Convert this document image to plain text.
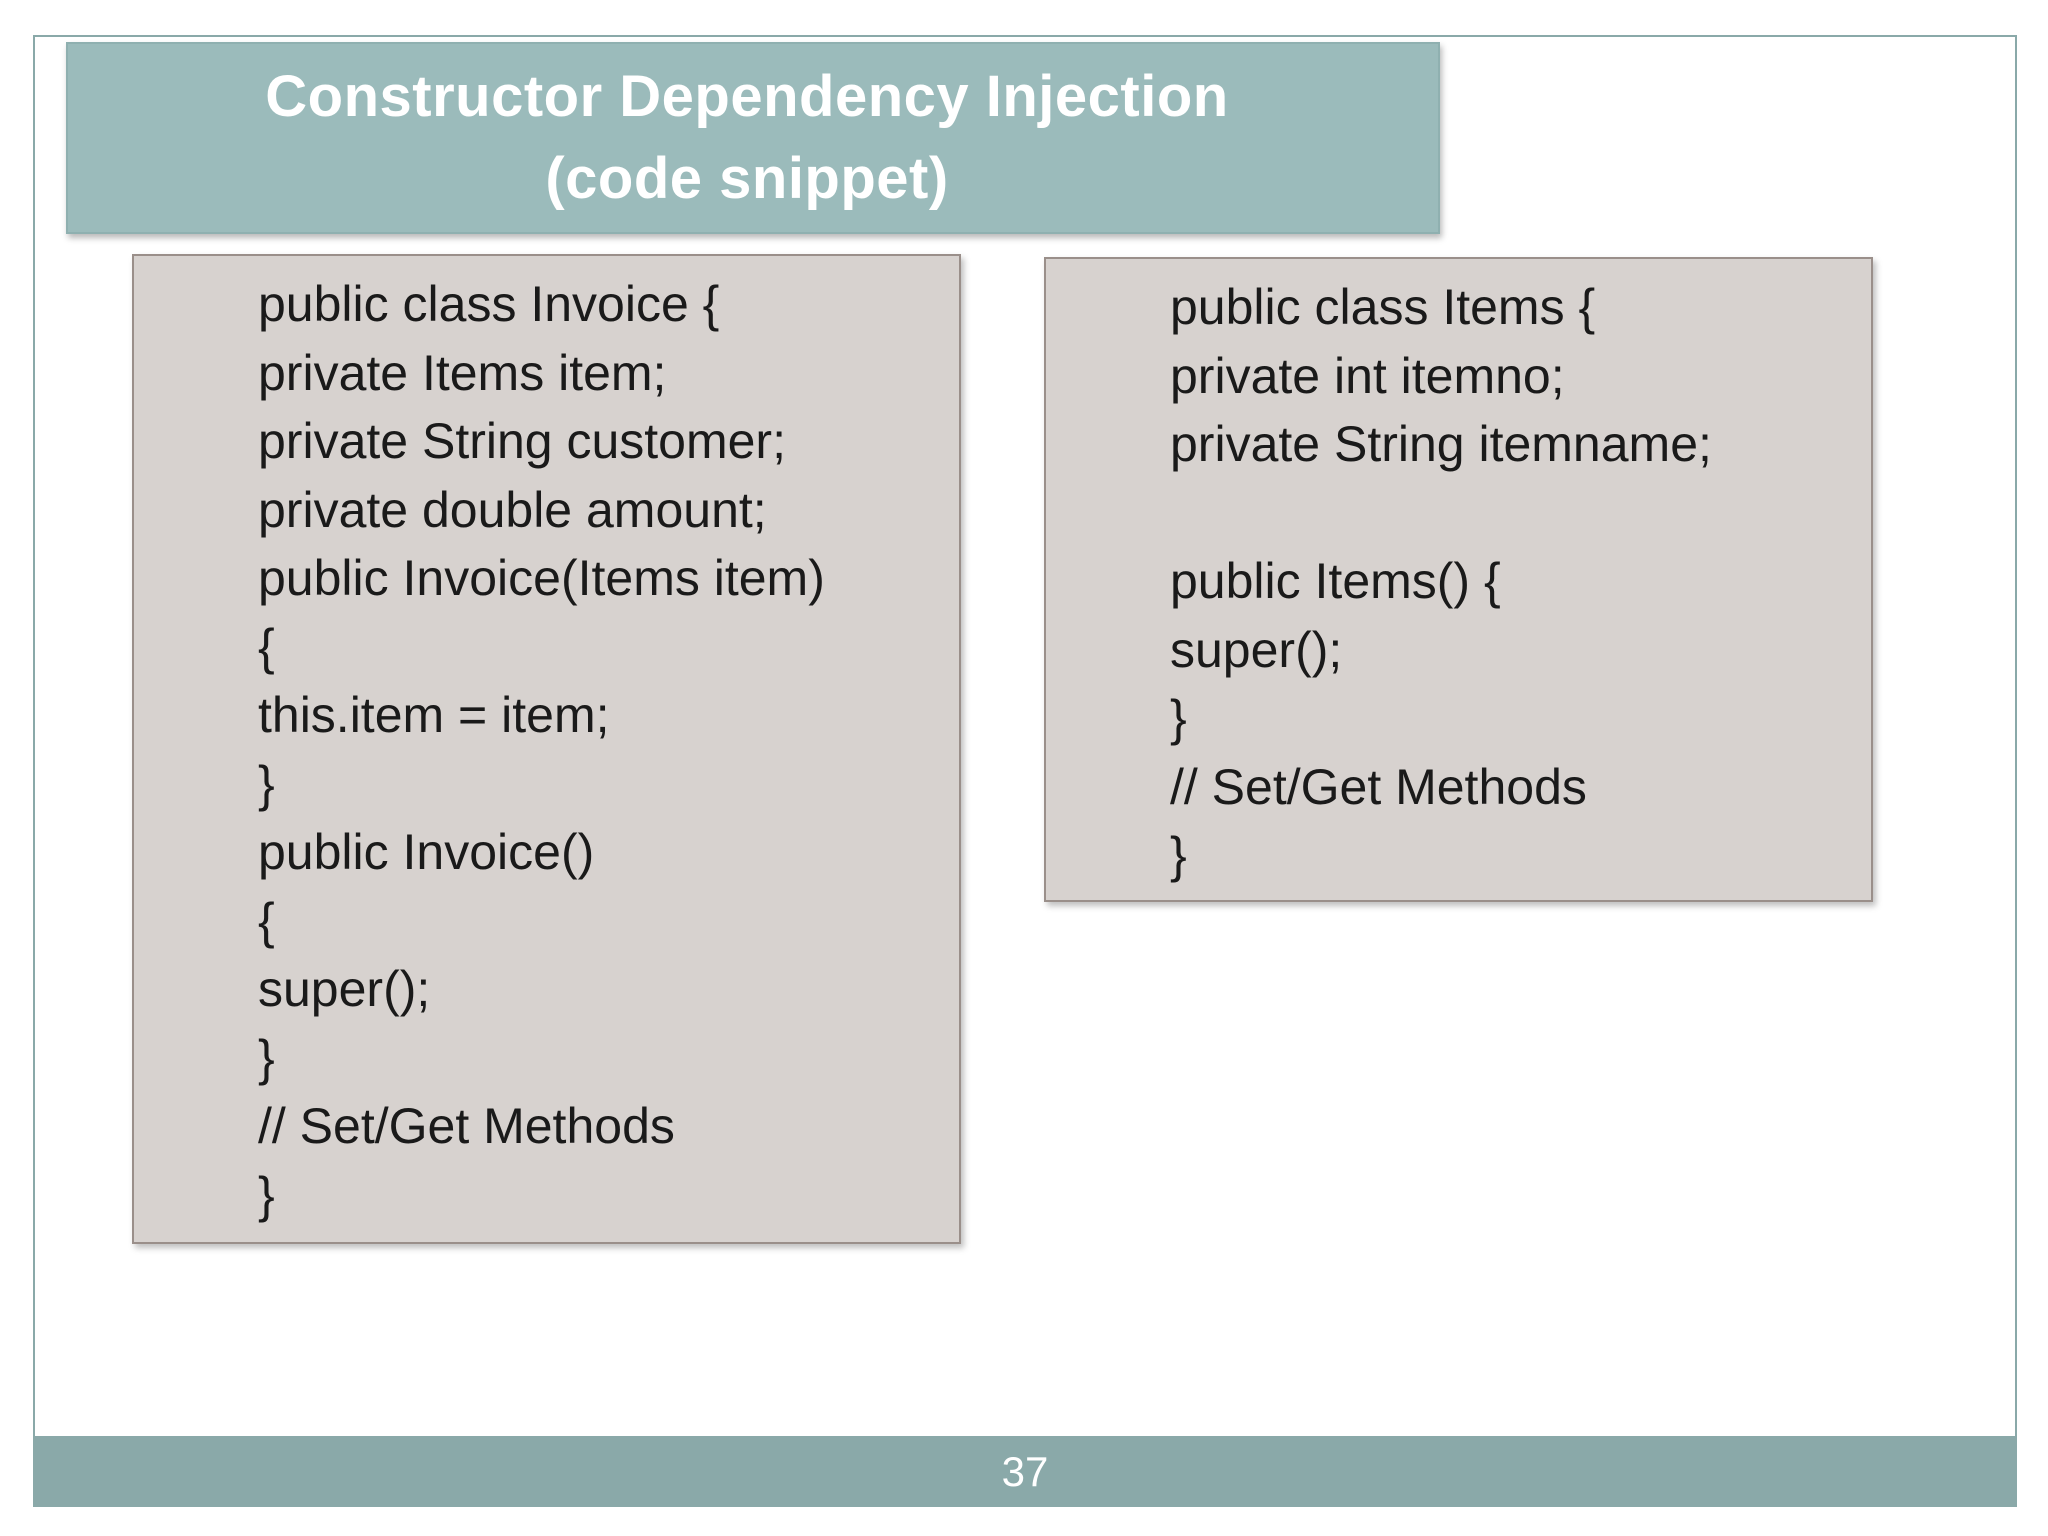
Constructor Dependency Injection
(code snippet)
public class Invoice {
private Items item;
private String customer;
private double amount;
public Invoice(Items item)
{
this.item = item;
}
public Invoice()
{
super();
}
// Set/Get Methods
}
public class Items {
private int itemno;
private String itemname;
public Items() {
super();
}
// Set/Get Methods
}
37
